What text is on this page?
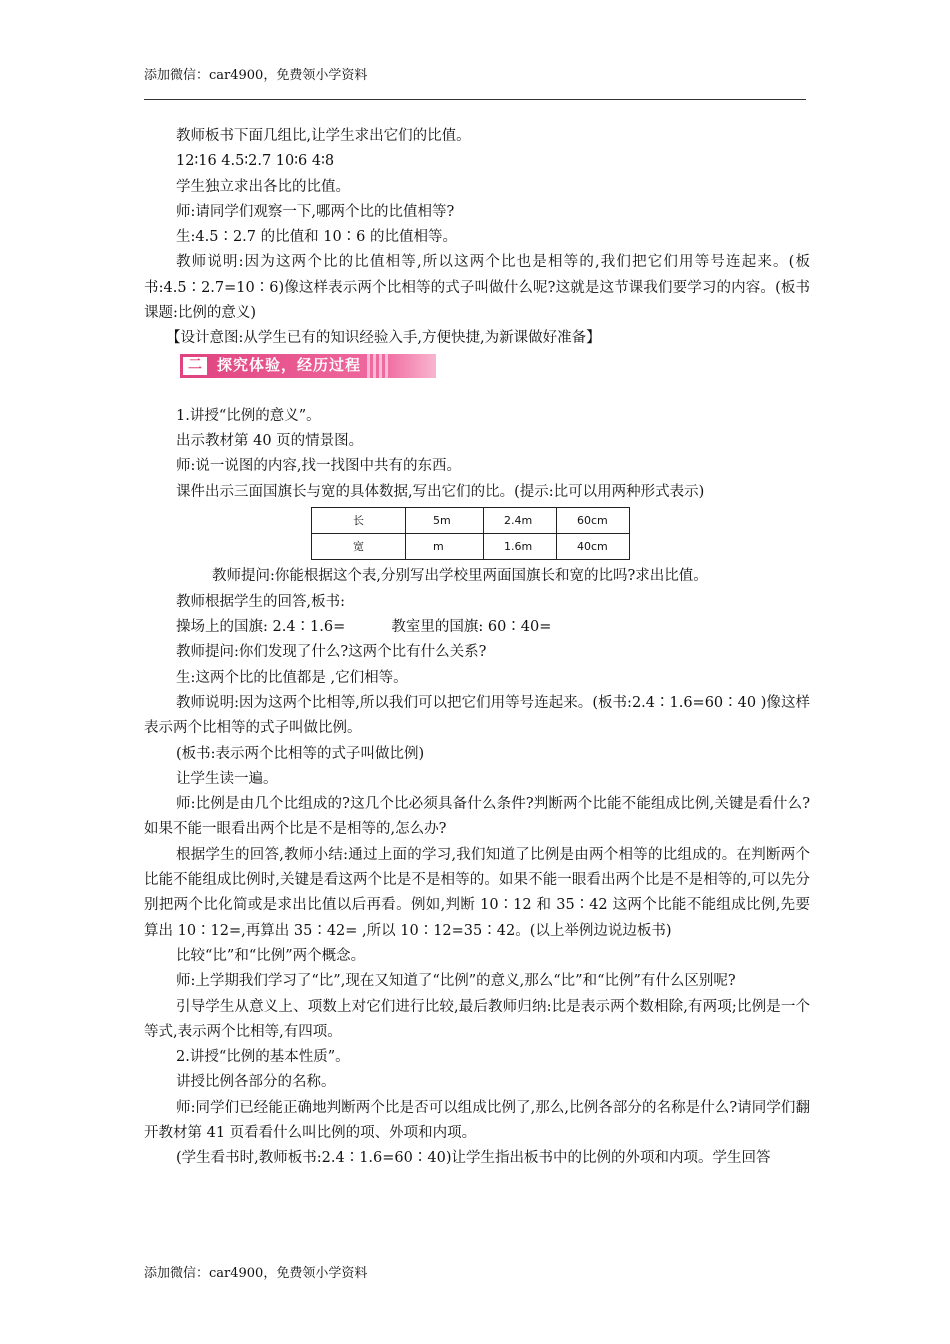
添加微信：car4900，免费领小学资料

教师板书下面几组比,让学生求出它们的比值。

12∶16 4.5∶2.7 10∶6 4∶8

学生独立求出各比的比值。

师:请同学们观察一下,哪两个比的比值相等?

生:4.5∶2.7 的比值和 10∶6 的比值相等。

教师说明:因为这两个比的比值相等,所以这两个比也是相等的,我们把它们用等号连起来。(板书:4.5∶2.7=10∶6)像这样表示两个比相等的式子叫做什么呢?这就是这节课我们要学习的内容。(板书课题:比例的意义)

【设计意图:从学生已有的知识经验入手,方便快捷,为新课做好准备】

二	探究体验，经历过程

1.讲授“比例的意义”。

出示教材第 40 页的情景图。

师:说一说图的内容,找一找图中共有的东西。

课件出示三面国旗长与宽的具体数据,写出它们的比。(提示:比可以用两种形式表示)

长	5m	2.4m	60cm
宽	m	1.6m	40cm

教师提问:你能根据这个表,分别写出学校里两面国旗长和宽的比吗?求出比值。

教师根据学生的回答,板书:

操场上的国旗: 2.4∶1.6=          教室里的国旗: 60∶40=

教师提问:你们发现了什么?这两个比有什么关系?

生:这两个比的比值都是 ,它们相等。

教师说明:因为这两个比相等,所以我们可以把它们用等号连起来。(板书:2.4∶1.6=60∶40 )像这样表示两个比相等的式子叫做比例。

(板书:表示两个比相等的式子叫做比例)

让学生读一遍。

师:比例是由几个比组成的?这几个比必须具备什么条件?判断两个比能不能组成比例,关键是看什么?如果不能一眼看出两个比是不是相等的,怎么办?

根据学生的回答,教师小结:通过上面的学习,我们知道了比例是由两个相等的比组成的。在判断两个比能不能组成比例时,关键是看这两个比是不是相等的。如果不能一眼看出两个比是不是相等的,可以先分别把两个比化简或是求出比值以后再看。例如,判断 10∶12 和 35∶42 这两个比能不能组成比例,先要算出 10∶12=,再算出 35∶42= ,所以 10∶12=35∶42。(以上举例边说边板书)

比较“比”和“比例”两个概念。

师:上学期我们学习了“比”,现在又知道了“比例”的意义,那么“比”和“比例”有什么区别呢?

引导学生从意义上、项数上对它们进行比较,最后教师归纳:比是表示两个数相除,有两项;比例是一个等式,表示两个比相等,有四项。

2.讲授“比例的基本性质”。

讲授比例各部分的名称。

师:同学们已经能正确地判断两个比是否可以组成比例了,那么,比例各部分的名称是什么?请同学们翻开教材第 41 页看看什么叫比例的项、外项和内项。

(学生看书时,教师板书:2.4∶1.6=60∶40)让学生指出板书中的比例的外项和内项。学生回答

添加微信：car4900，免费领小学资料
